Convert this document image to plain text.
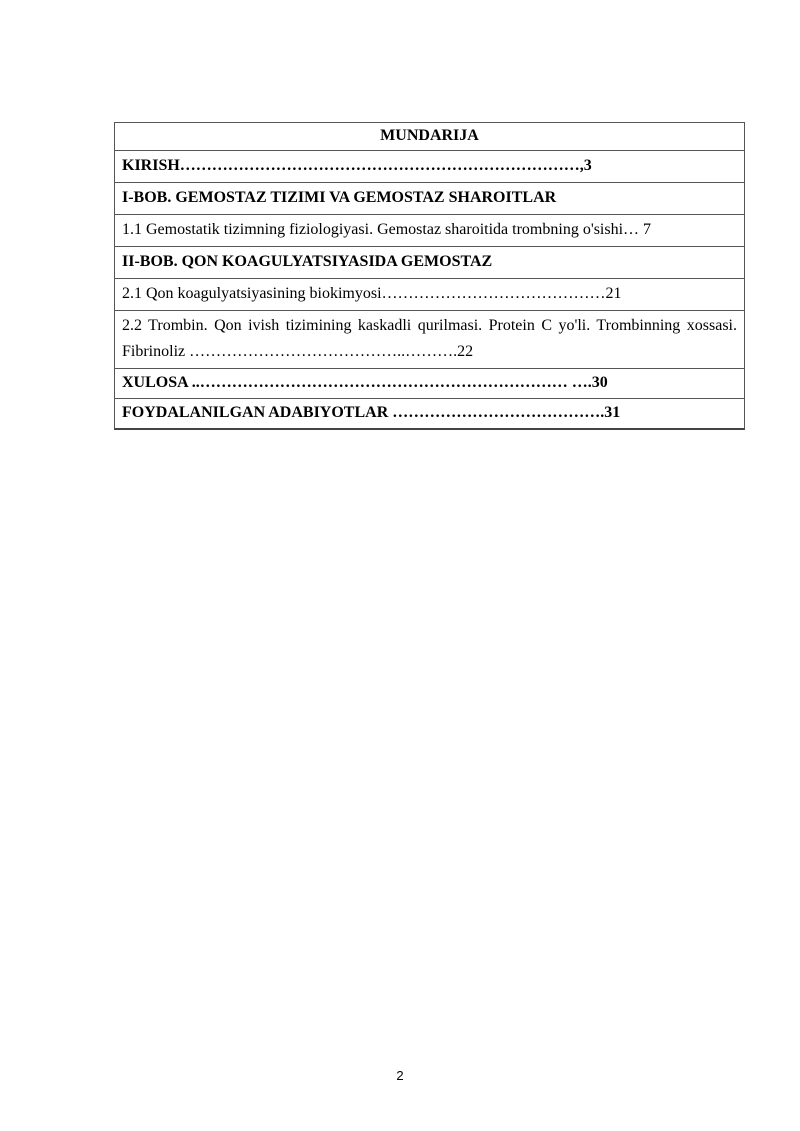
MUNDARIJA
KIRISH…………………………………………………………………,3
I-BOB. GEMOSTAZ TIZIMI VA GEMOSTAZ SHAROITLAR
1.1 Gemostatik tizimning fiziologiyasi. Gemostaz sharoitida trombning o'sishi… 7
II-BOB. QON KOAGULYATSIYASIDA GEMOSTAZ
2.1 Qon koagulyatsiyasining biokimyosi……………………………………21
2.2 Trombin. Qon ivish tizimining kaskadli qurilmasi. Protein C yo'li. Trombinning xossasi. Fibrinoliz …………………………………..……….22
XULOSA ..…………………………………………………………… ….30
FOYDALANILGAN ADABIYOTLAR ………………………………….31
2
